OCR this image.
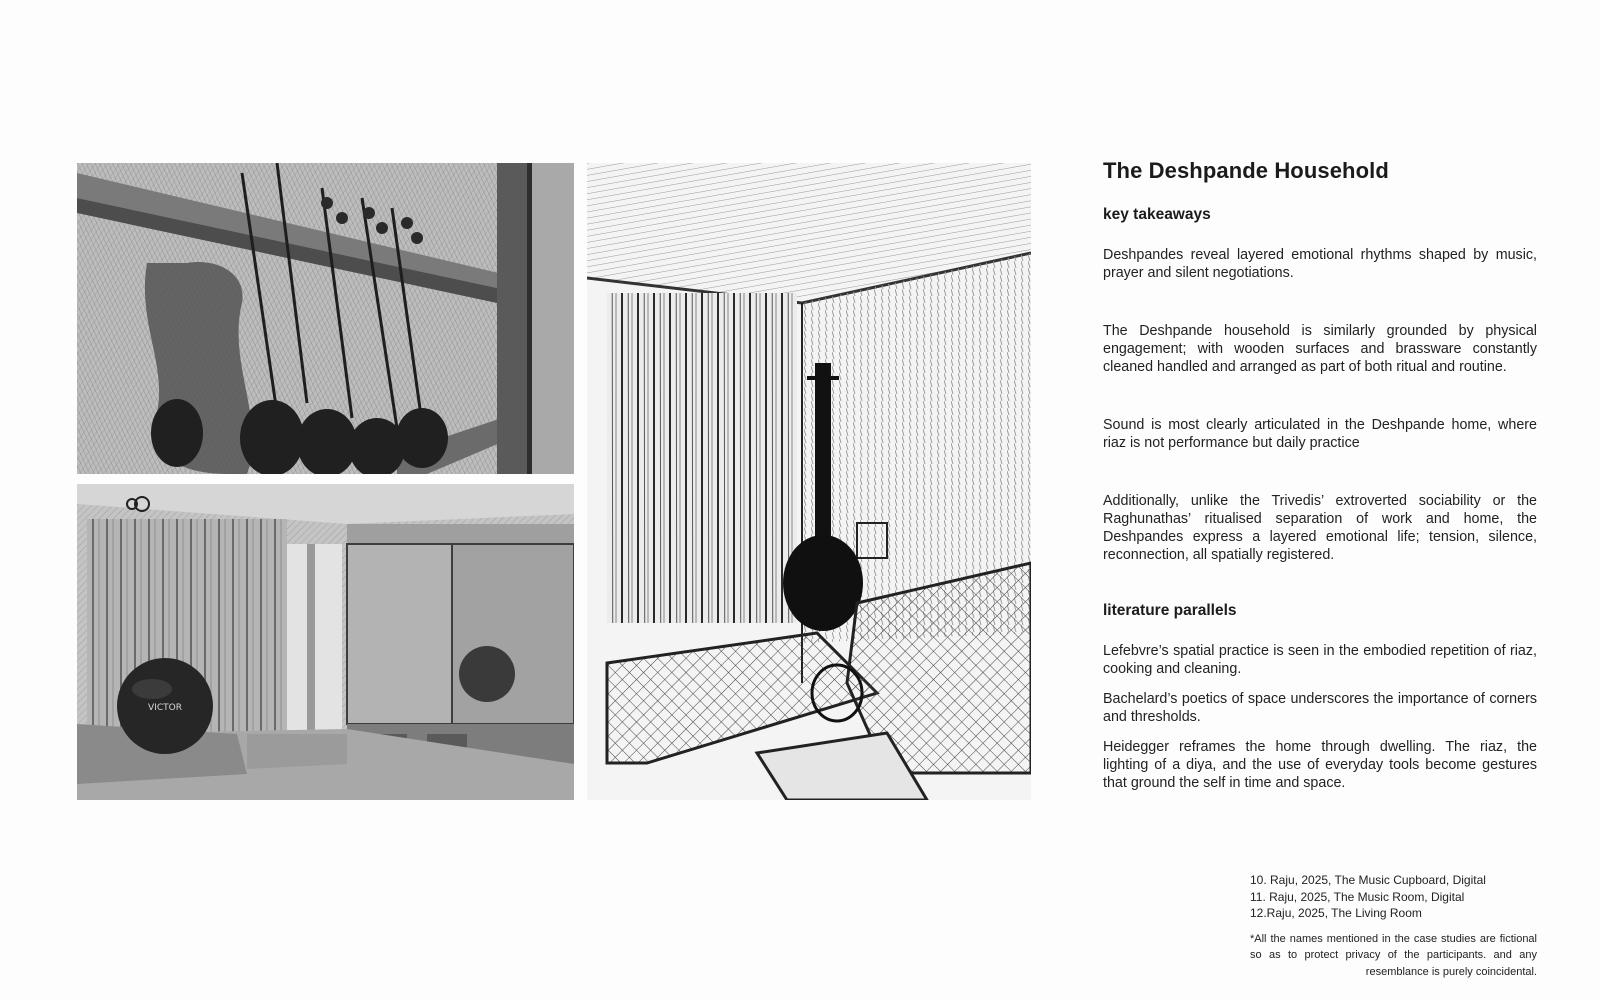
VICTOR
The Deshpande Household
key takeaways

Deshpandes reveal layered emotional rhythms shaped by music, prayer and silent negotiations.

The Deshpande household is similarly grounded by physical engagement; with wooden surfaces and brassware constantly cleaned handled and arranged as part of both ritual and routine.

Sound is most clearly articulated in the Deshpande home, where riaz is not performance but daily practice

Additionally, unlike the Trivedis’ extroverted sociability or the Raghunathas’ ritualised separation of work and home, the Deshpandes express a layered emotional life; tension, silence, reconnection, all spatially registered.

literature parallels

Lefebvre’s spatial practice is seen in the embodied repetition of riaz, cooking and cleaning.

Bachelard’s poetics of space underscores the importance of corners and thresholds.

Heidegger reframes the home through dwelling. The riaz, the lighting of a diya, and the use of everyday tools become gestures that ground the self in time and space.

10. Raju, 2025, The Music Cupboard, Digital
11. Raju, 2025, The Music Room, Digital
12.Raju, 2025, The Living Room
*All the names mentioned in the case studies are fictional so as to protect privacy of the participants. and any resemblance is purely coincidental.
